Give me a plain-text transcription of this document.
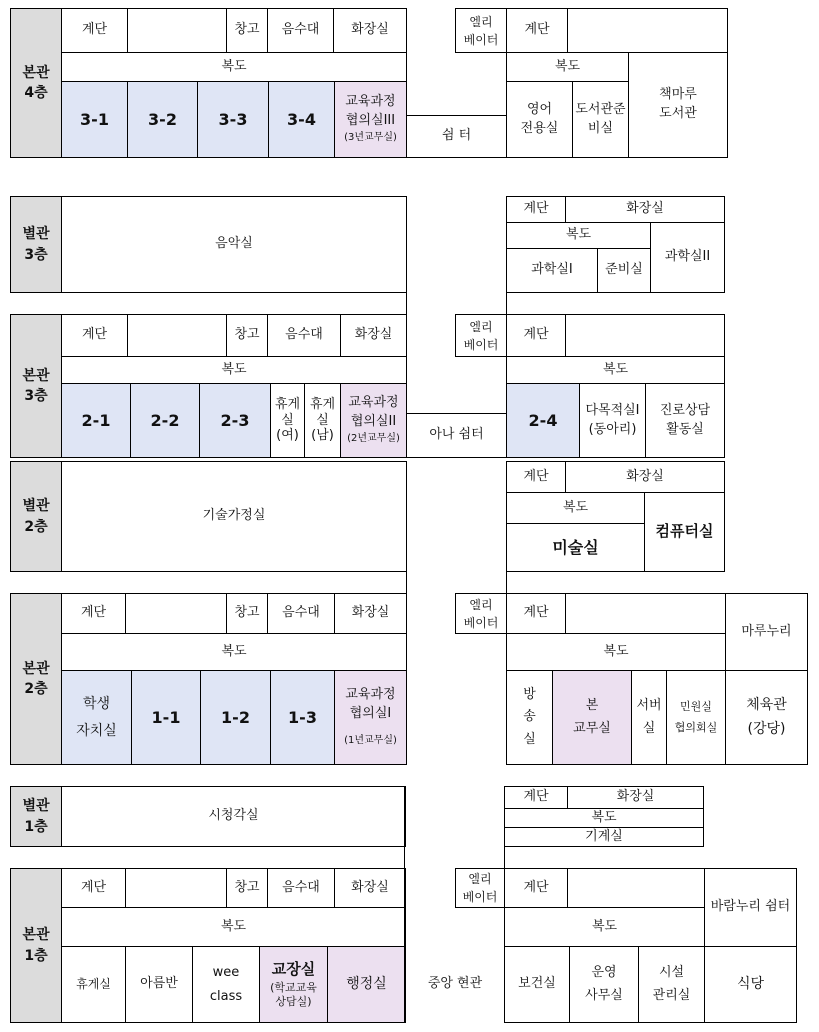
본관
4층
계단	창고	음수대	화장실
복도
3-1	3-2	3-3	3-4
교육과정
협의실III
(3년교무실)	쉼 터
엘리
베이터
계단
복도
영어
전용실
도서관준
비실
책마루
도서관
별관
3층
음악실
계단	화장실
복도
과학실I	준비실
과학실II
본관
3층
계단	창고	음수대	화장실
복도
2-1	2-2	2-3
휴게
실
(여)
휴게
실
(남)
교육과정
협의실II
(2년교무실)	아나 쉼터
엘리
베이터
계단
복도
2-4
다목적실I
(동아리)
진로상담
활동실
별관
2층
기술가정실
계단	화장실
복도
미술실
컴퓨터실
본관
2층
계단	창고	음수대	화장실
복도
학생
자치실
1-1	1-2	1-3
교육과정
협의실I
(1년교무실)
엘리
베이터
계단
마루누리
복도
방
송
실
본
교무실
서버
실
민원실
협의회실
체육관
(강당)
별관
1층
시청각실
계단	화장실
복도
기계실
본관
1층
계단	창고	음수대	화장실
복도
휴게실	아름반
wee
class
교장실
(학교교육
상담실)
행정실	중앙 현관
엘리
베이터
계단
바람누리 쉼터
복도
보건실
운영
사무실
시설
관리실
식당
